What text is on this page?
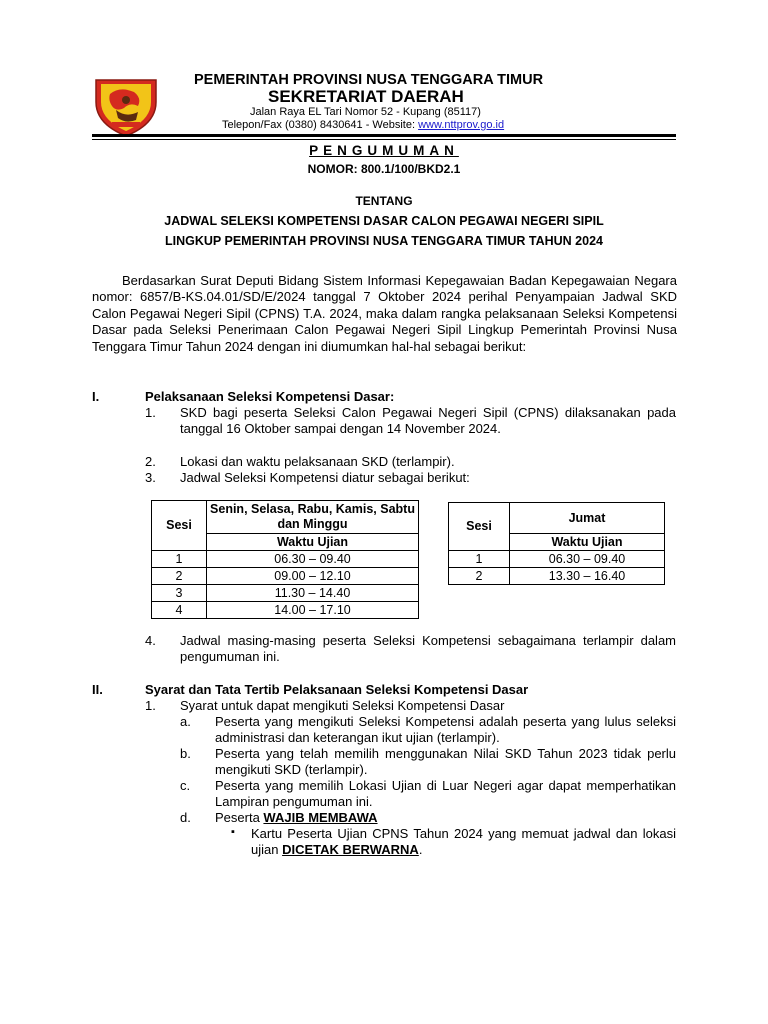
PEMERINTAH PROVINSI NUSA TENGGARA TIMUR
SEKRETARIAT DAERAH
Jalan Raya EL Tari Nomor 52 - Kupang (85117)
Telepon/Fax (0380) 8430641 - Website: www.nttprov.go.id
PENGUMUMAN
NOMOR: 800.1/100/BKD2.1
TENTANG
JADWAL SELEKSI KOMPETENSI DASAR CALON PEGAWAI NEGERI SIPIL
LINGKUP PEMERINTAH PROVINSI NUSA TENGGARA TIMUR TAHUN 2024
Berdasarkan Surat Deputi Bidang Sistem Informasi Kepegawaian Badan Kepegawaian Negara nomor: 6857/B-KS.04.01/SD/E/2024 tanggal 7 Oktober 2024 perihal Penyampaian Jadwal SKD Calon Pegawai Negeri Sipil (CPNS) T.A. 2024, maka dalam rangka pelaksanaan Seleksi Kompetensi Dasar pada Seleksi Penerimaan Calon Pegawai Negeri Sipil Lingkup Pemerintah Provinsi Nusa Tenggara Timur Tahun 2024 dengan ini diumumkan hal-hal sebagai berikut:
I.	Pelaksanaan Seleksi Kompetensi Dasar:
1. SKD bagi peserta Seleksi Calon Pegawai Negeri Sipil (CPNS) dilaksanakan pada tanggal 16 Oktober sampai dengan 14 November 2024.
2. Lokasi dan waktu pelaksanaan SKD (terlampir).
3. Jadwal Seleksi Kompetensi diatur sebagai berikut:
Sesi	Senin, Selasa, Rabu, Kamis, Sabtu dan Minggu
	Waktu Ujian
1	06.30 – 09.40
2	09.00 – 12.10
3	11.30 – 14.40
4	14.00 – 17.10
Sesi	Jumat
	Waktu Ujian
1	06.30 – 09.40
2	13.30 – 16.40
4. Jadwal masing-masing peserta Seleksi Kompetensi sebagaimana terlampir dalam pengumuman ini.
II.	Syarat dan Tata Tertib Pelaksanaan Seleksi Kompetensi Dasar
1. Syarat untuk dapat mengikuti Seleksi Kompetensi Dasar
a. Peserta yang mengikuti Seleksi Kompetensi adalah peserta yang lulus seleksi administrasi dan keterangan ikut ujian (terlampir).
b. Peserta yang telah memilih menggunakan Nilai SKD Tahun 2023 tidak perlu mengikuti SKD (terlampir).
c. Peserta yang memilih Lokasi Ujian di Luar Negeri agar dapat memperhatikan Lampiran pengumuman ini.
d. Peserta WAJIB MEMBAWA
▪ Kartu Peserta Ujian CPNS Tahun 2024 yang memuat jadwal dan lokasi ujian DICETAK BERWARNA.
